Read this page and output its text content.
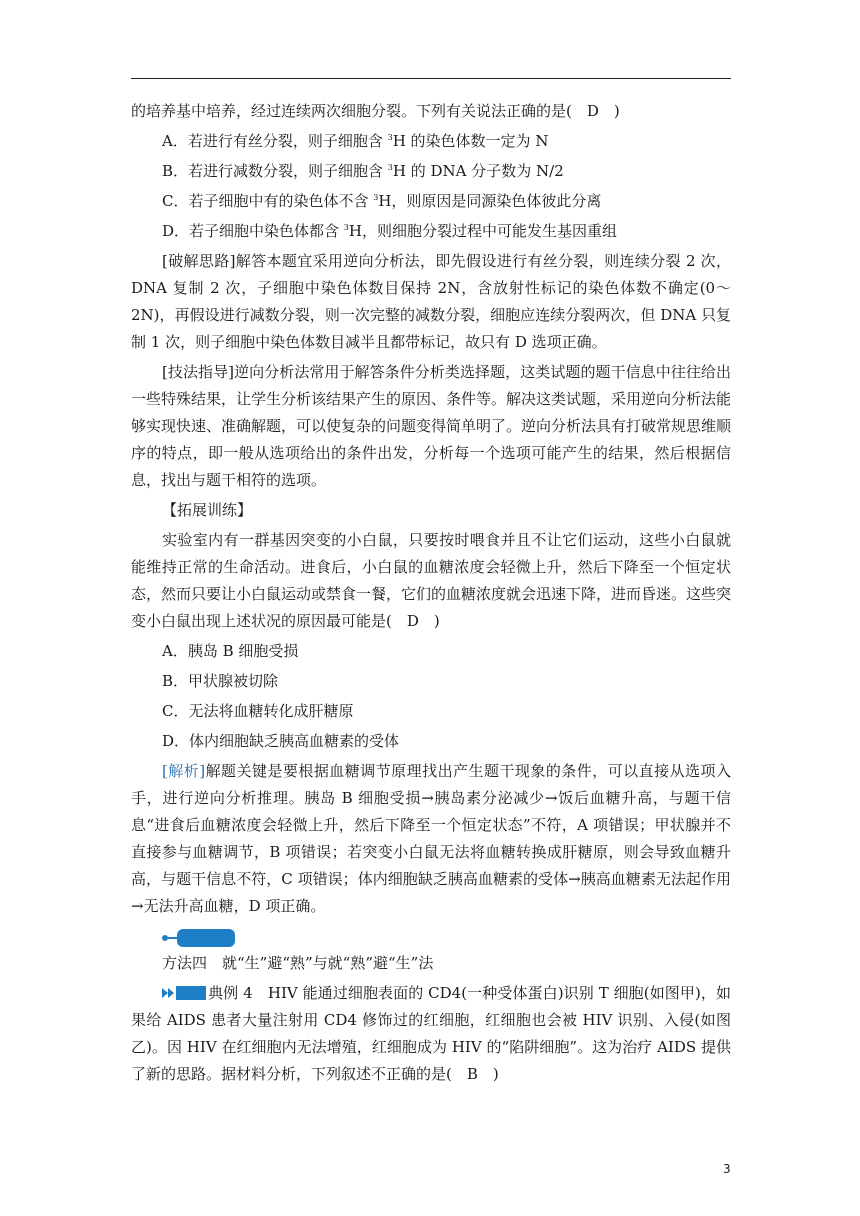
的培养基中培养，经过连续两次细胞分裂。下列有关说法正确的是(　D　)

A．若进行有丝分裂，则子细胞含 $^3$H 的染色体数一定为 N

B．若进行减数分裂，则子细胞含 $^3$H 的 DNA 分子数为 N/2

C．若子细胞中有的染色体不含 $^3$H，则原因是同源染色体彼此分离

D．若子细胞中染色体都含 $^3$H，则细胞分裂过程中可能发生基因重组

[破解思路]解答本题宜采用逆向分析法，即先假设进行有丝分裂，则连续分裂 2 次，DNA 复制 2 次，子细胞中染色体数目保持 2N，含放射性标记的染色体数不确定(0～2N)，再假设进行减数分裂，则一次完整的减数分裂，细胞应连续分裂两次，但 DNA 只复制 1 次，则子细胞中染色体数目减半且都带标记，故只有 D 选项正确。

[技法指导]逆向分析法常用于解答条件分析类选择题，这类试题的题干信息中往往给出一些特殊结果，让学生分析该结果产生的原因、条件等。解决这类试题，采用逆向分析法能够实现快速、准确解题，可以使复杂的问题变得简单明了。逆向分析法具有打破常规思维顺序的特点，即一般从选项给出的条件出发，分析每一个选项可能产生的结果，然后根据信息，找出与题干相符的选项。

【拓展训练】

实验室内有一群基因突变的小白鼠，只要按时喂食并且不让它们运动，这些小白鼠就能维持正常的生命活动。进食后，小白鼠的血糖浓度会轻微上升，然后下降至一个恒定状态，然而只要让小白鼠运动或禁食一餐，它们的血糖浓度就会迅速下降，进而昏迷。这些突变小白鼠出现上述状况的原因最可能是(　D　)

A．胰岛 B 细胞受损

B．甲状腺被切除

C．无法将血糖转化成肝糖原

D．体内细胞缺乏胰高血糖素的受体

[解析]解题关键是要根据血糖调节原理找出产生题干现象的条件，可以直接从选项入手，进行逆向分析推理。胰岛 B 细胞受损→胰岛素分泌减少→饭后血糖升高，与题干信息“进食后血糖浓度会轻微上升，然后下降至一个恒定状态”不符，A 项错误；甲状腺并不直接参与血糖调节，B 项错误；若突变小白鼠无法将血糖转换成肝糖原，则会导致血糖升高，与题干信息不符，C 项错误；体内细胞缺乏胰高血糖素的受体→胰高血糖素无法起作用→无法升高血糖，D 项正确。

方法四　就“生”避“熟”与就“熟”避“生”法

典例 4　HIV 能通过细胞表面的 CD4(一种受体蛋白)识别 T 细胞(如图甲)，如果给 AIDS 患者大量注射用 CD4 修饰过的红细胞，红细胞也会被 HIV 识别、入侵(如图乙)。因 HIV 在红细胞内无法增殖，红细胞成为 HIV 的“陷阱细胞”。这为治疗 AIDS 提供了新的思路。据材料分析，下列叙述不正确的是(　B　)

3
